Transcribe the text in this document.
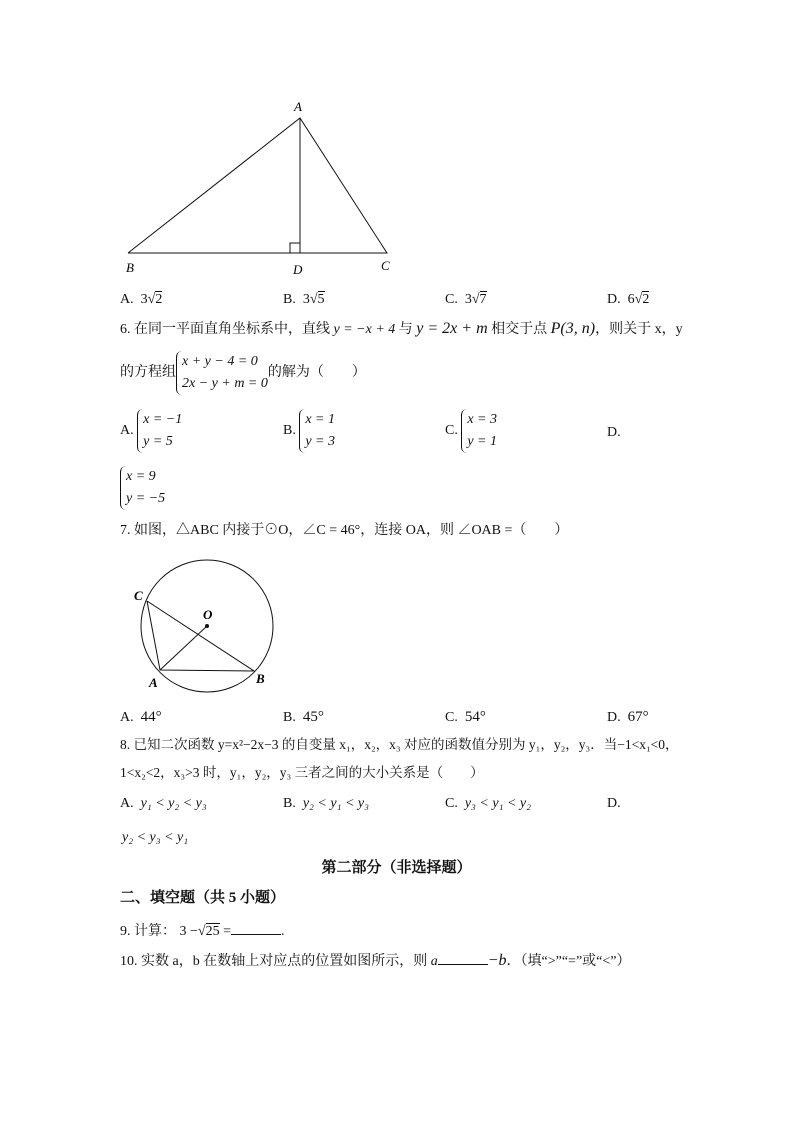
A
B	D	C
A. 3√2	B. 3√5	C. 3√7	D. 6√2
6. 在同一平面直角坐标系中，直线 y = −x + 4 与 y = 2x + m 相交于点 P(3, n)，则关于 x，y
的方程组x + y − 4 = 0
2x − y + m = 0的解为（　　）
A. x = −1
y = 5
B. x = 1
y = 3
C. x = 3
y = 1
D.
x = 9
y = −5
7. 如图，△ABC 内接于⊙O，∠C = 46°，连接 OA，则 ∠OAB =（　　）
C
O
A	B
A. 44°	B. 45°	C. 54°	D. 67°
8. 已知二次函数 y=x²−2x−3 的自变量 x₁，x₂，x₃ 对应的函数值分别为 y₁，y₂，y₃．当−1<x₁<0，
1<x₂<2，x₃>3 时，y₁，y₂，y₃ 三者之间的大小关系是（　　）
A. y₁ < y₂ < y₃	B. y₂ < y₁ < y₃	C. y₃ < y₁ < y₂	D.
y₂ < y₃ < y₁
第二部分（非选择题）
二、填空题（共 5 小题）
9. 计算： 3 −√25 =	.
10. 实数 a，b 在数轴上对应点的位置如图所示，则 a	−b．（填“>”“=”或“<”）
